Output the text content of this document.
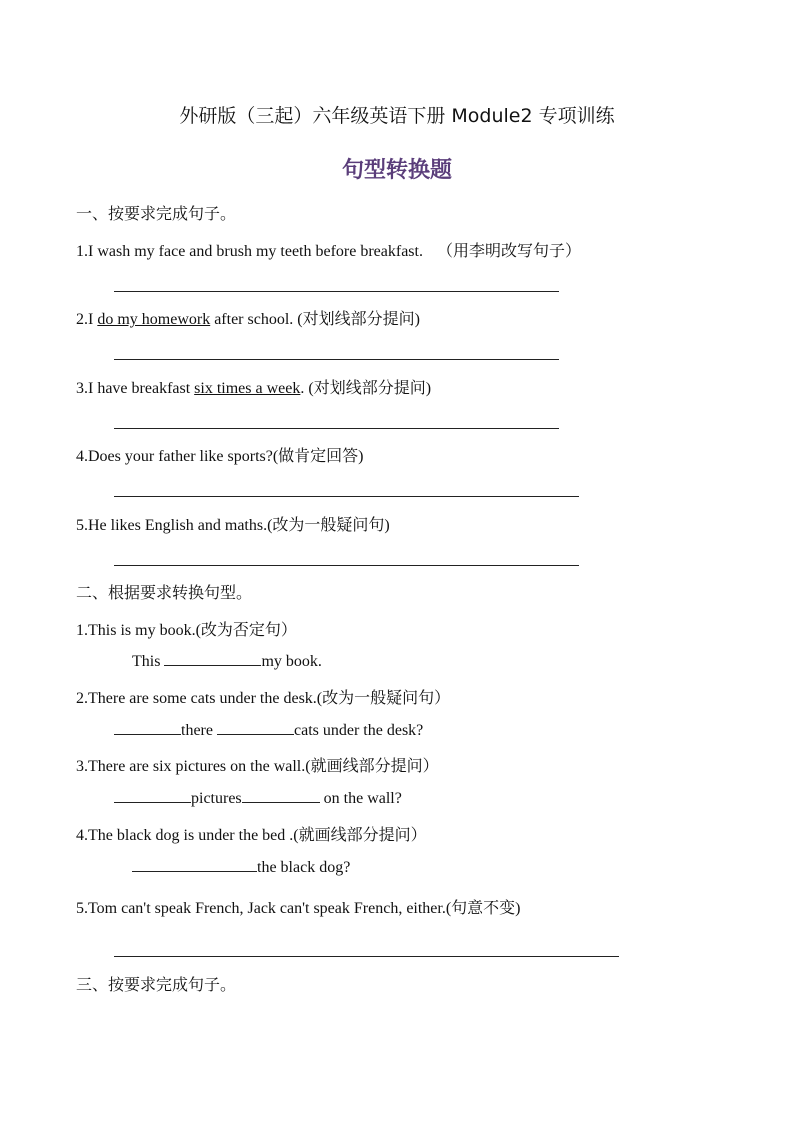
外研版（三起）六年级英语下册 Module2 专项训练
句型转换题
一、按要求完成句子。
1.I wash my face and brush my teeth before breakfast. （用李明改写句子）
2.I do my homework after school. (对划线部分提问)
3.I have breakfast six times a week. (对划线部分提问)
4.Does your father like sports?(做肯定回答)
5.He likes English and maths.(改为一般疑问句)
二、根据要求转换句型。
1.This is my book.(改为否定句）
This	my book.
2.There are some cats under the desk.(改为一般疑问句）
there	cats under the desk?
3.There are six pictures on the wall.(就画线部分提问）
pictures	on the wall?
4.The black dog is under the bed .(就画线部分提问）
the black dog?
5.Tom can't speak French, Jack can't speak French, either.(句意不变)
三、按要求完成句子。
